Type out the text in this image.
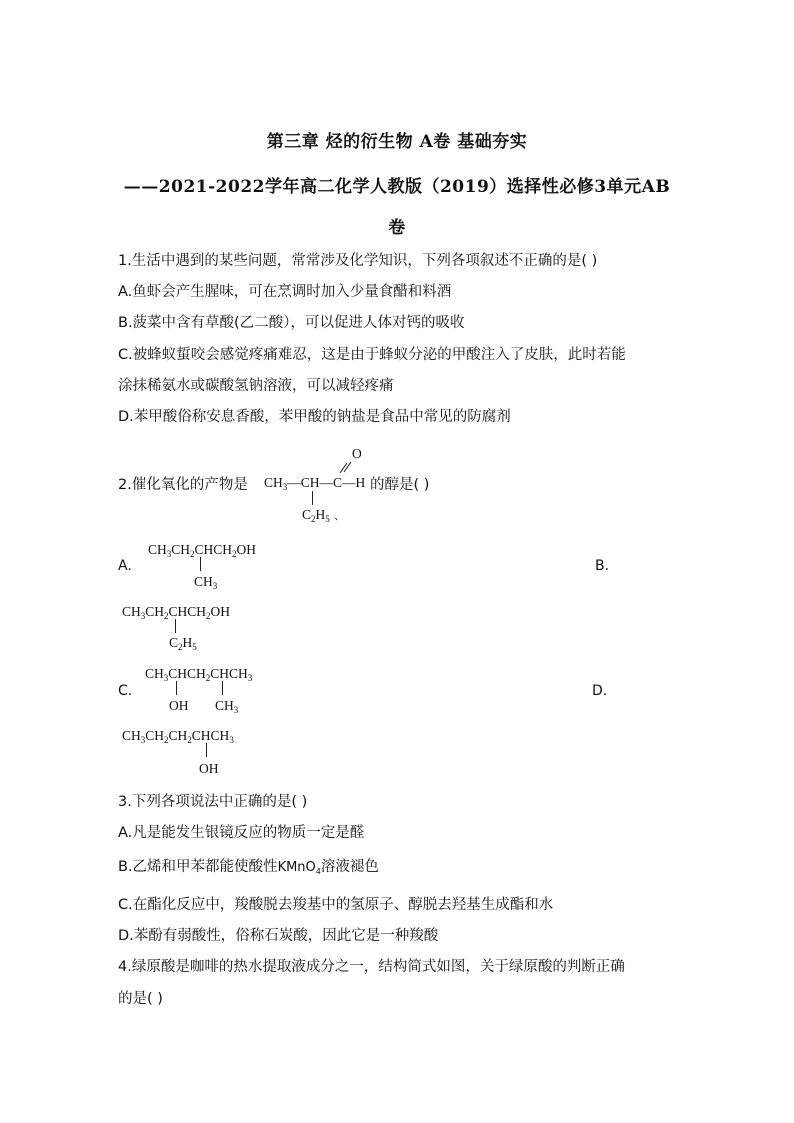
第三章 烃的衍生物 A卷 基础夯实
——2021-2022学年高二化学人教版（2019）选择性必修3单元AB
卷
1.生活中遇到的某些问题，常常涉及化学知识，下列各项叙述不正确的是( )
A.鱼虾会产生腥味，可在烹调时加入少量食醋和料酒
B.菠菜中含有草酸(乙二酸），可以促进人体对钙的吸收
C.被蜂蚁蜇咬会感觉疼痛难忍，这是由于蜂蚁分泌的甲酸注入了皮肤，此时若能
涂抹稀氨水或碳酸氢钠溶液，可以减轻疼痛
D.苯甲酸俗称安息香酸，苯甲酸的钠盐是食品中常见的防腐剂
2.催化氧化的产物是
O
$CH_3—CH—C—H$
$C_2H_5$ 、
的醇是( )
A.
$CH_3CH_2CHCH_2OH$
$CH_3$
B.
$CH_3CH_2CHCH_2OH$
$C_2H_5$
C.
$CH_3CHCH_2CHCH_3$
OH $CH_3$
D.
$CH_3CH_2CH_2CHCH_3$
OH
3.下列各项说法中正确的是( )
A.凡是能发生银镜反应的物质一定是醛
B.乙烯和甲苯都能使酸性KMnO$_4$溶液褪色
C.在酯化反应中，羧酸脱去羧基中的氢原子、醇脱去羟基生成酯和水
D.苯酚有弱酸性，俗称石炭酸，因此它是一种羧酸
4.绿原酸是咖啡的热水提取液成分之一，结构简式如图，关于绿原酸的判断正确
的是( )
